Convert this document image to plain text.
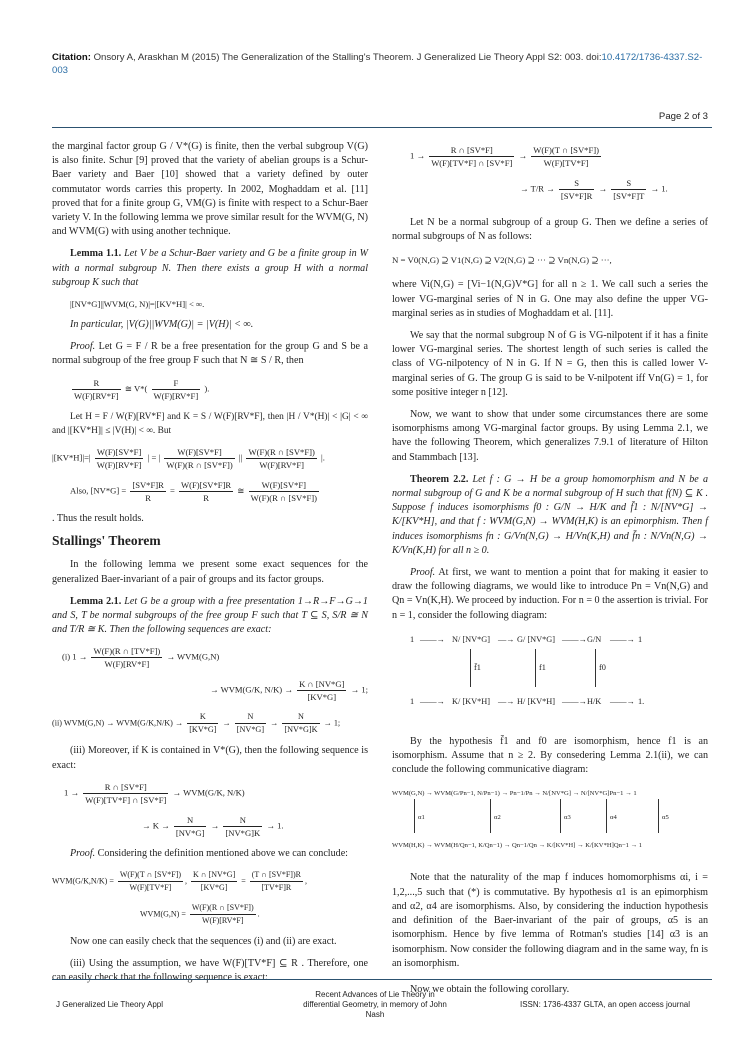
Citation: Onsory A, Araskhan M (2015) The Generalization of the Stalling's Theorem. J Generalized Lie Theory Appl S2: 003. doi:10.4172/1736-4337.S2-003
Page 2 of 3

the marginal factor group G / V*(G) is finite, then the verbal subgroup V(G) is also finite. Schur [9] proved that the variety of abelian groups is a Schur-Baer variety and Baer [10] showed that a variety defined by outer commutator words carries this property. In 2002, Moghaddam et al. [11] proved that for a finite group G, VM(G) is finite with respect to a Schur-Baer variety V. In the following lemma we prove similar result for the WVM(G, N) and WVM(G) with using another technique.

Lemma 1.1. Let V be a Schur-Baer variety and G be a finite group in W with a normal subgroup N. Then there exists a group H with a normal subgroup K such that

|[NV*G]||WVM(G, N)|=|[KV*H]| < ∞.

In particular, |V(G)||WVM(G)| = |V(H)| < ∞.

Proof. Let G = F / R be a free presentation for the group G and S be a normal subgroup of the free group F such that N ≅ S / R, then

$\frac{R}{W(F)[RV*F]}$ ≅ $V*( \frac{F}{W(F)[RV*F]}$ ).

Let H = F / W(F)[RV*F] and K = S / W(F)[RV*F], then |H / V*(H)| < |G| < ∞ and |[KV*H]| ≤ |V(H)| < ∞. But

$|[KV*H]|=| \frac{W(F)[SV*F]}{W(F)[RV*F]}$ | = | $\frac{W(F)[SV*F]}{W(F)(R \cap [SV*F])}$ || $\frac{W(F)(R \cap [SV*F])}{W(F)[RV*F]}$ |.
Also, $[NV*G] = \frac{[SV*F]R}{R} = \frac{W(F)[SV*F]R}{R}$ ≅ $\frac{W(F)[SV*F]}{W(F)(R \cap [SV*F])}$

. Thus the result holds.

Stallings' Theorem

In the following lemma we present some exact sequences for the generalized Baer-invariant of a pair of groups and its factor groups.

Lemma 2.1. Let G be a group with a free presentation 1→R→F→G→1 and S, T be normal subgroups of the free group F such that T ⊆ S, S/R ≅ N and T/R ≅ K. Then the following sequences are exact:

(i) $1 \to \frac{W(F)(R \cap [TV*F])}{W(F)[RV*F]} \to WVM(G,N)$
→ WVM(G/K, $N/K) \to \frac{K \cap [NV*G]}{[KV*G]} \to 1$;
(ii) $WVM(G,N) \to WVM(G/K,N/K) \to \frac{K}{[KV*G]} \to \frac{N}{[NV*G]} \to \frac{N}{[NV*G]K} \to 1$;

(iii) Moreover, if K is contained in V*(G), then the following sequence is exact:

$1 \to \frac{R \cap [SV*F]}{W(F)[TV*F] \cap [SV*F]} \to WVM(G/K$, N/K)
→ $K \to \frac{N}{[NV*G]} \to \frac{N}{[NV*G]K} \to 1$.

Proof. Considering the definition mentioned above we can conclude:

$WVM(G/K,N/K) = \frac{W(F)(T \cap [SV*F])}{W(F)[TV*F]}$ , $\frac{K \cap [NV*G]}{[KV*G]} = \frac{(T \cap [SV*F])R}{[TV*F]R}$ ,
$WVM(G,N) = \frac{W(F)(R \cap [SV*F])}{W(F)[RV*F]}$ .

Now one can easily check that the sequences (i) and (ii) are exact.

(iii) Using the assumption, we have W(F)[TV*F] ⊆ R . Therefore, one can easily check that the following sequence is exact:

$1 \to \frac{R \cap [SV*F]}{W(F)[TV*F] \cap [SV*F]} \to \frac{W(F)(T \cap [SV*F])}{W(F)[TV*F]}$
→ $T/R \to \frac{S}{[SV*F]R} \to \frac{S}{[SV*F]T} \to 1$.

Let N be a normal subgroup of a group G. Then we define a series of normal subgroups of N as follows:

N = V0(N,G) ⊇ V1(N,G) ⊇ V2(N,G) ⊇ ··· ⊇ Vn(N,G) ⊇ ···,

where Vi(N,G) = [Vi−1(N,G)V*G] for all n ≥ 1. We call such a series the lower VG-marginal series of N in G. One may also define the upper VG-marginal series as in studies of Moghaddam et al. [11].

We say that the normal subgroup N of G is VG-nilpotent if it has a finite lower VG-marginal series. The shortest length of such series is called the class of VG-nilpotency of N in G. If N = G, then this is called lower V-marginal series of G. The group G is said to be V-nilpotent iff Vn(G) = 1, for some positive integer n [12].

Now, we want to show that under some circumstances there are some isomorphisms among VG-marginal factor groups. By using Lemma 2.1, we have the following Theorem, which generalizes 7.9.1 of literature of Hilton and Stammbach [13].

Theorem 2.2. Let f : G → H be a group homomorphism and N be a normal subgroup of G and K be a normal subgroup of H such that f(N) ⊆ K . Suppose f induces isomorphisms f0 : G/N → H/K and f̄1 : N/[NV*G] → K/[KV*H], and that f : WVM(G,N) → WVM(H,K) is an epimorphism. Then f induces isomorphisms fn : G/Vn(N,G) → H/Vn(K,H) and f̄n : N/Vn(N,G) → K/Vn(K,H) for all n ≥ 0.

Proof. At first, we want to mention a point that for making it easier to draw the following diagrams, we would like to introduce Pn = Vn(N,G) and Qn = Vn(K,H). We proceed by induction. For n = 0 the assertion is trivial. For n = 1, consider the following diagram:

1 ——→ N/ [NV*G] —→ G/ [NV*G] ——→ G/N ——→ 1
f̄1	f1	f0
1 ——→ K/ [KV*H] —→ H/ [KV*H] ——→ H/K ——→ 1.

By the hypothesis f̄1 and f0 are isomorphism, hence f1 is an isomorphism. Assume that n ≥ 2. By consedering Lemma 2.1(ii), we can conclude the following communicative diagram:

WVM(G,N) → WVM(G/Pn−1, N/Pn−1) → Pn−1/Pn → N/[NV*G] → N/[NV*G]Pn−1 → 1
α1	α2	α3	α4	α5
WVM(H,K) → WVM(H/Qn−1, K/Qn−1) → Qn−1/Qn → K/[KV*H] → K/[KV*H]Qn−1 → 1

Note that the naturality of the map f induces homomorphisms αi, i = 1,2,...,5 such that (*) is commutative. By hypothesis α1 is an epimorphism and α2, α4 are isomorphisms. Also, by considering the induction hypothesis and definition of the Baer-invariant of the pair of groups, α5 is an isomorphism. Hence by five lemma of Rotman's studies [14] α3 is an isomorphism. Now consider the following diagram and in the same way, fn is an isomorphism.

Now we obtain the following corollary.

J Generalized Lie Theory Appl
Recent Advances of Lie Theory in differential Geometry, in memory of John Nash
ISSN: 1736-4337 GLTA, an open access journal
